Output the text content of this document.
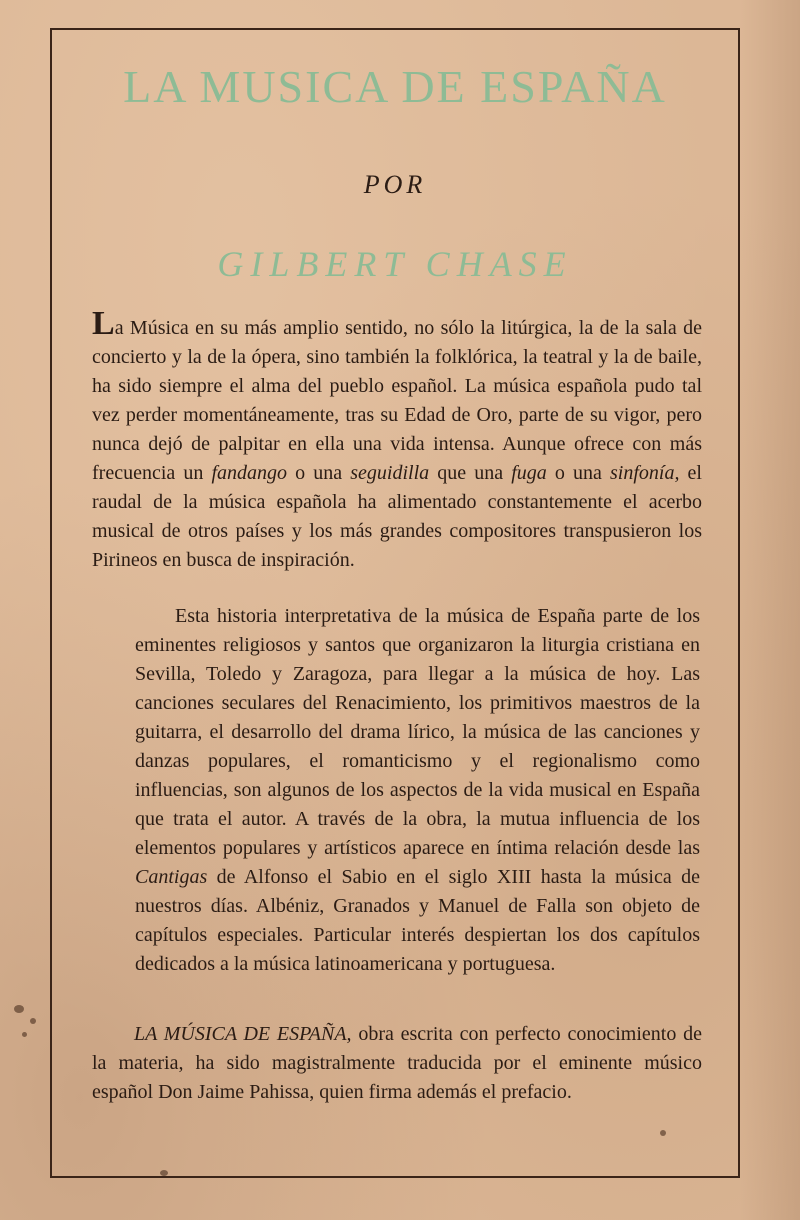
LA MUSICA DE ESPAÑA
POR
GILBERT CHASE
La Música en su más amplio sentido, no sólo la litúrgica, la de la sala de concierto y la de la ópera, sino también la folklórica, la teatral y la de baile, ha sido siempre el alma del pueblo español. La música española pudo tal vez perder momentáneamente, tras su Edad de Oro, parte de su vigor, pero nunca dejó de palpitar en ella una vida intensa. Aunque ofrece con más frecuencia un fandango o una seguidilla que una fuga o una sinfonía, el raudal de la música española ha alimentado constantemente el acerbo musical de otros países y los más grandes compositores transpusieron los Pirineos en busca de inspiración.
Esta historia interpretativa de la música de España parte de los eminentes religiosos y santos que organizaron la liturgia cristiana en Sevilla, Toledo y Zaragoza, para llegar a la música de hoy. Las canciones seculares del Renacimiento, los primitivos maestros de la guitarra, el desarrollo del drama lírico, la música de las canciones y danzas populares, el romanticismo y el regionalismo como influencias, son algunos de los aspectos de la vida musical en España que trata el autor. A través de la obra, la mutua influencia de los elementos populares y artísticos aparece en íntima relación desde las Cantigas de Alfonso el Sabio en el siglo XIII hasta la música de nuestros días. Albéniz, Granados y Manuel de Falla son objeto de capítulos especiales. Particular interés despiertan los dos capítulos dedicados a la música latinoamericana y portuguesa.
LA MÚSICA DE ESPAÑA, obra escrita con perfecto conocimiento de la materia, ha sido magistralmente traducida por el eminente músico español Don Jaime Pahissa, quien firma además el prefacio.
